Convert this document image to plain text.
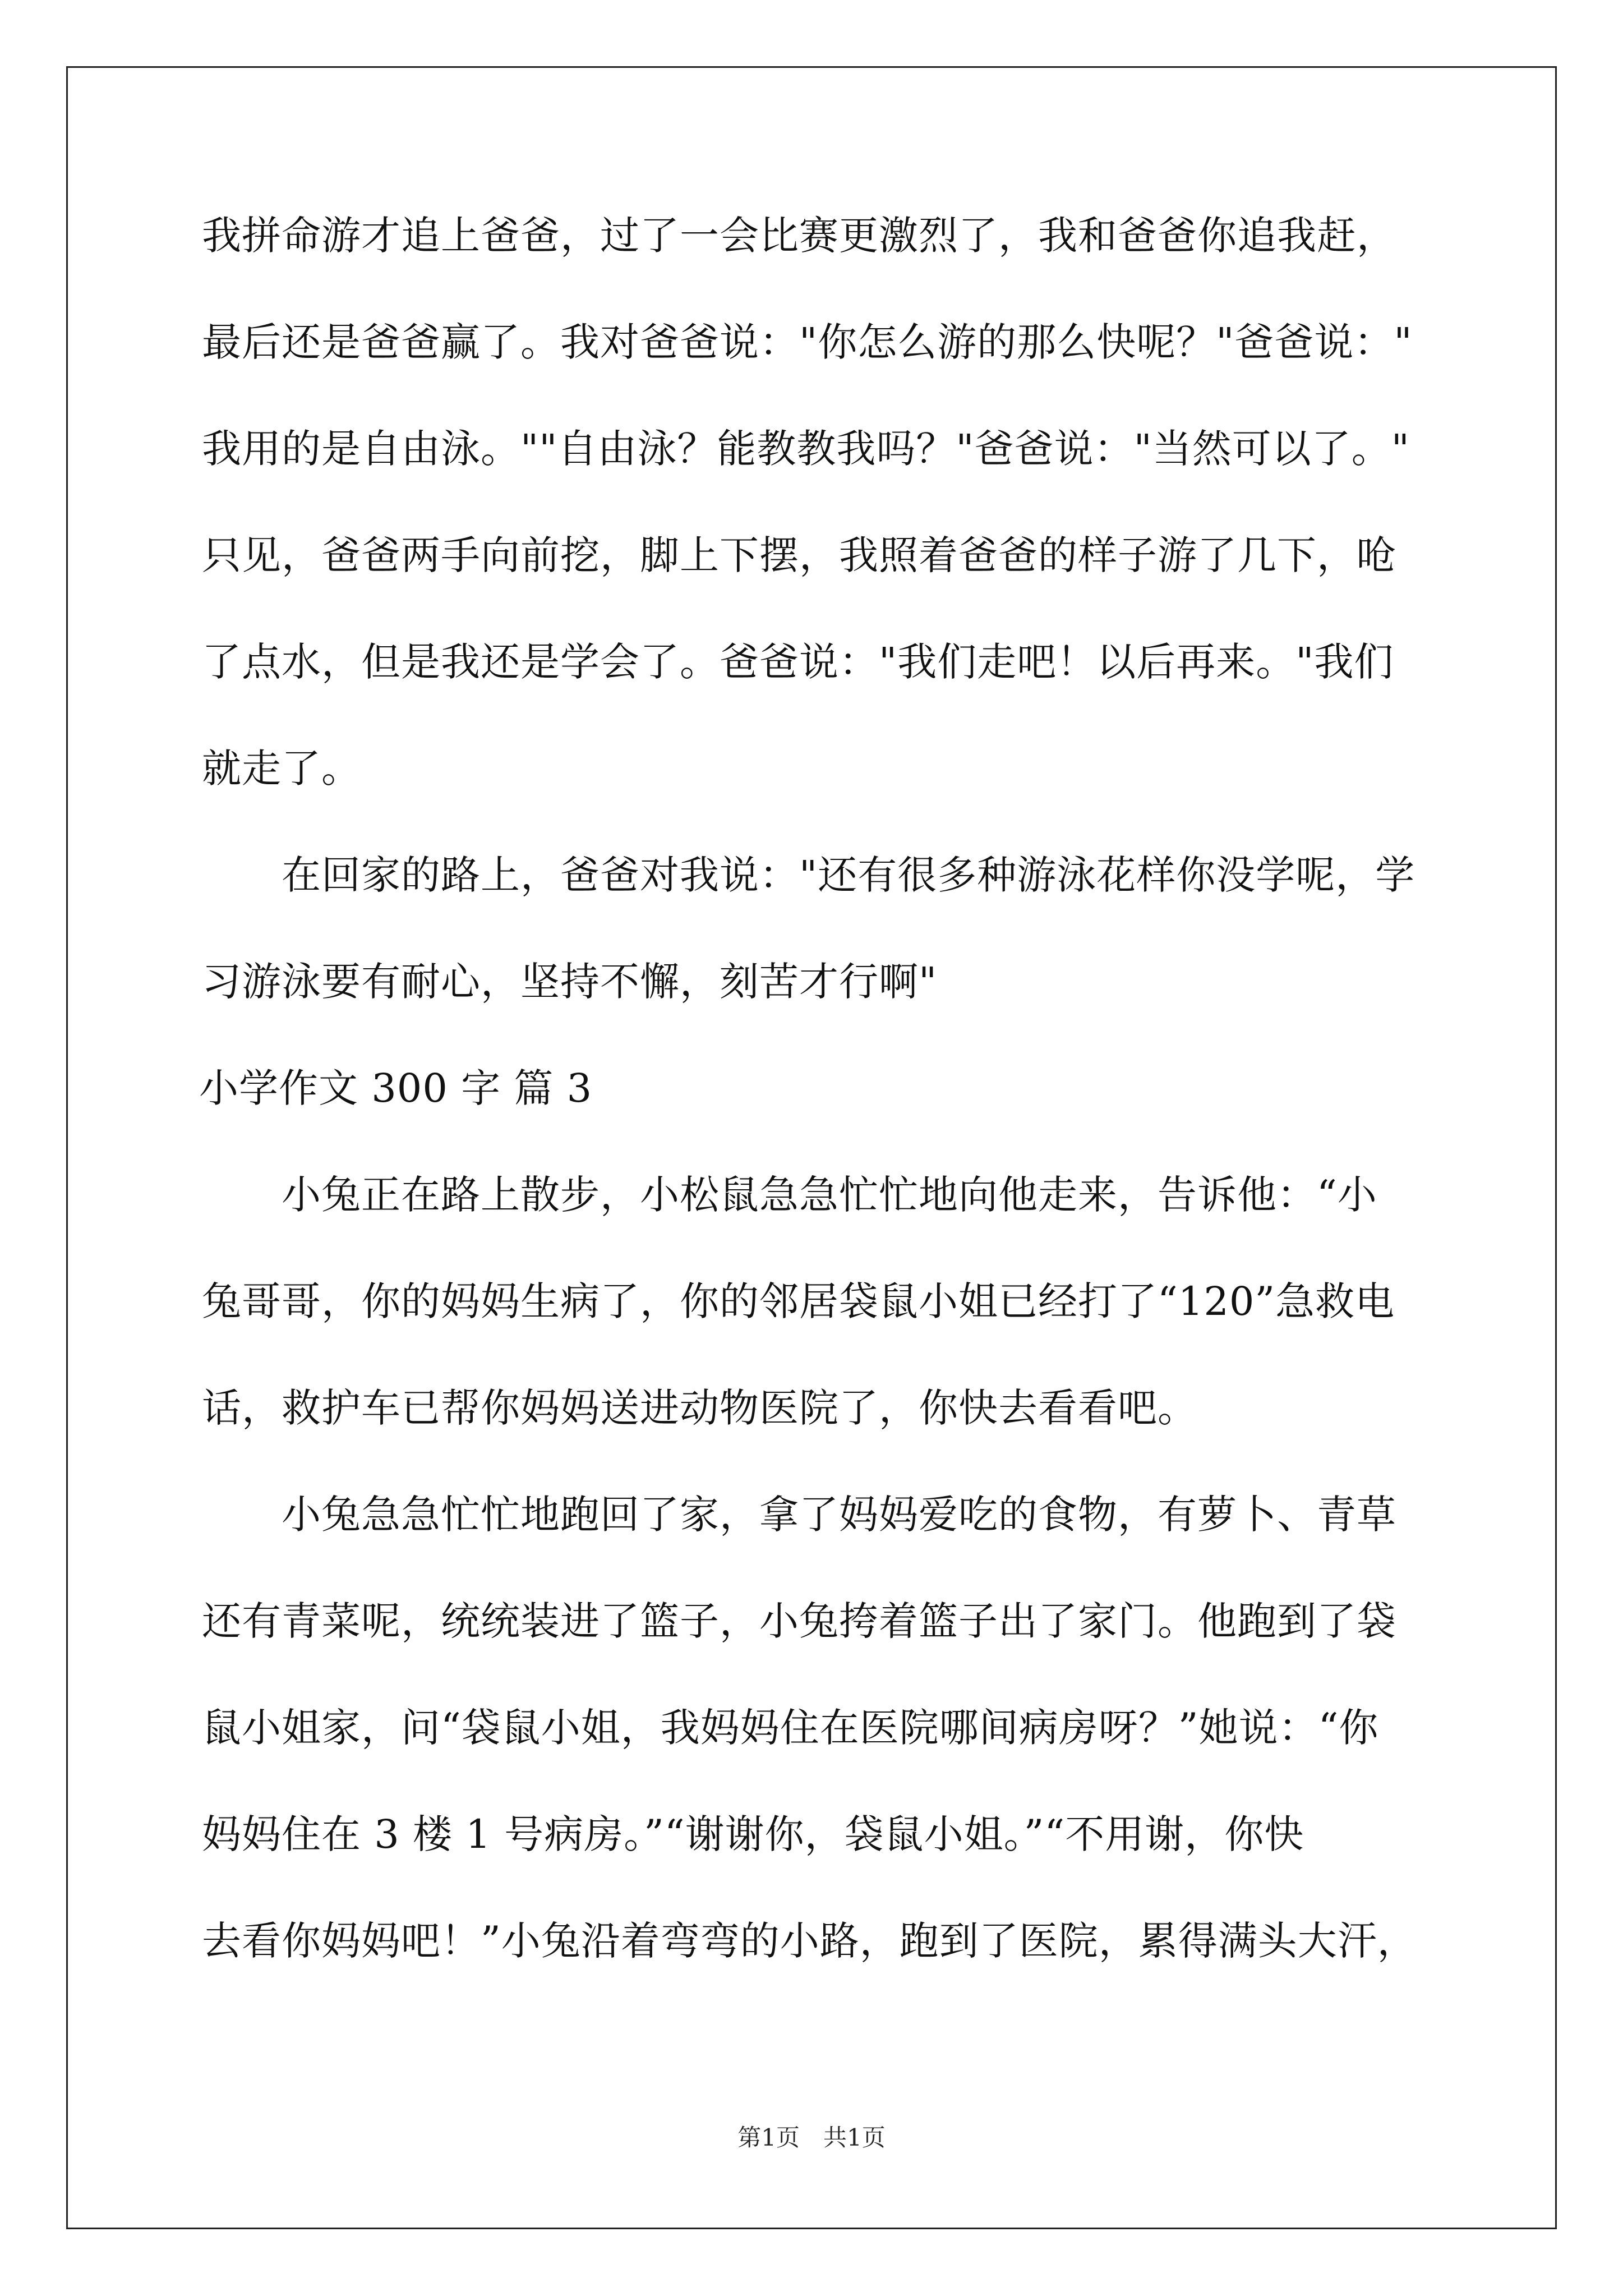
我拼命游才追上爸爸，过了一会比赛更激烈了，我和爸爸你追我赶，
最后还是爸爸赢了。我对爸爸说："你怎么游的那么快呢？"爸爸说："
我用的是自由泳。""自由泳？能教教我吗？"爸爸说："当然可以了。"
只见，爸爸两手向前挖，脚上下摆，我照着爸爸的样子游了几下，呛
了点水，但是我还是学会了。爸爸说："我们走吧！以后再来。"我们
就走了。
　　在回家的路上，爸爸对我说："还有很多种游泳花样你没学呢，学
习游泳要有耐心，坚持不懈，刻苦才行啊"
小学作文 300 字 篇 3
　　小兔正在路上散步，小松鼠急急忙忙地向他走来，告诉他：“小
兔哥哥，你的妈妈生病了，你的邻居袋鼠小姐已经打了“120”急救电
话，救护车已帮你妈妈送进动物医院了，你快去看看吧。
　　小兔急急忙忙地跑回了家，拿了妈妈爱吃的食物，有萝卜、青草
还有青菜呢，统统装进了篮子，小兔挎着篮子出了家门。他跑到了袋
鼠小姐家，问“袋鼠小姐，我妈妈住在医院哪间病房呀？”她说：“你
妈妈住在 3 楼 1 号病房。”“谢谢你，袋鼠小姐。”“不用谢，你快
去看你妈妈吧！”小兔沿着弯弯的小路，跑到了医院，累得满头大汗，
第1页　共1页
